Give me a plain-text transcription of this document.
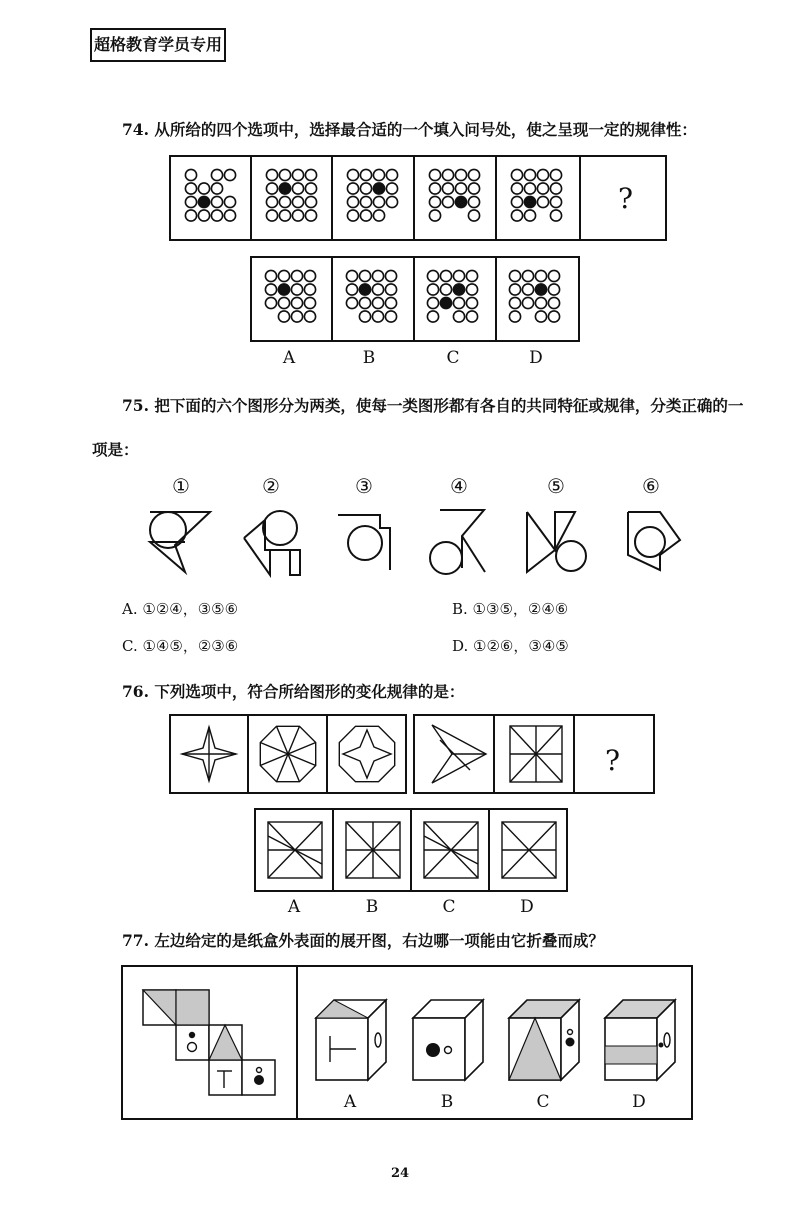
超格教育学员专用
74. 从所给的四个选项中，选择最合适的一个填入问号处，使之呈现一定的规律性：
?
A	B	C	D
75. 把下面的六个图形分为两类，使每一类图形都有各自的共同特征或规律，分类正确的一
项是：
①	②	③	④	⑤	⑥
A. ①②④，③⑤⑥	B. ①③⑤，②④⑥
C. ①④⑤，②③⑥	D. ①②⑥，③④⑤
76. 下列选项中，符合所给图形的变化规律的是：
?
A	B	C	D
77. 左边给定的是纸盒外表面的展开图，右边哪一项能由它折叠而成？
A	B	C	D
24
